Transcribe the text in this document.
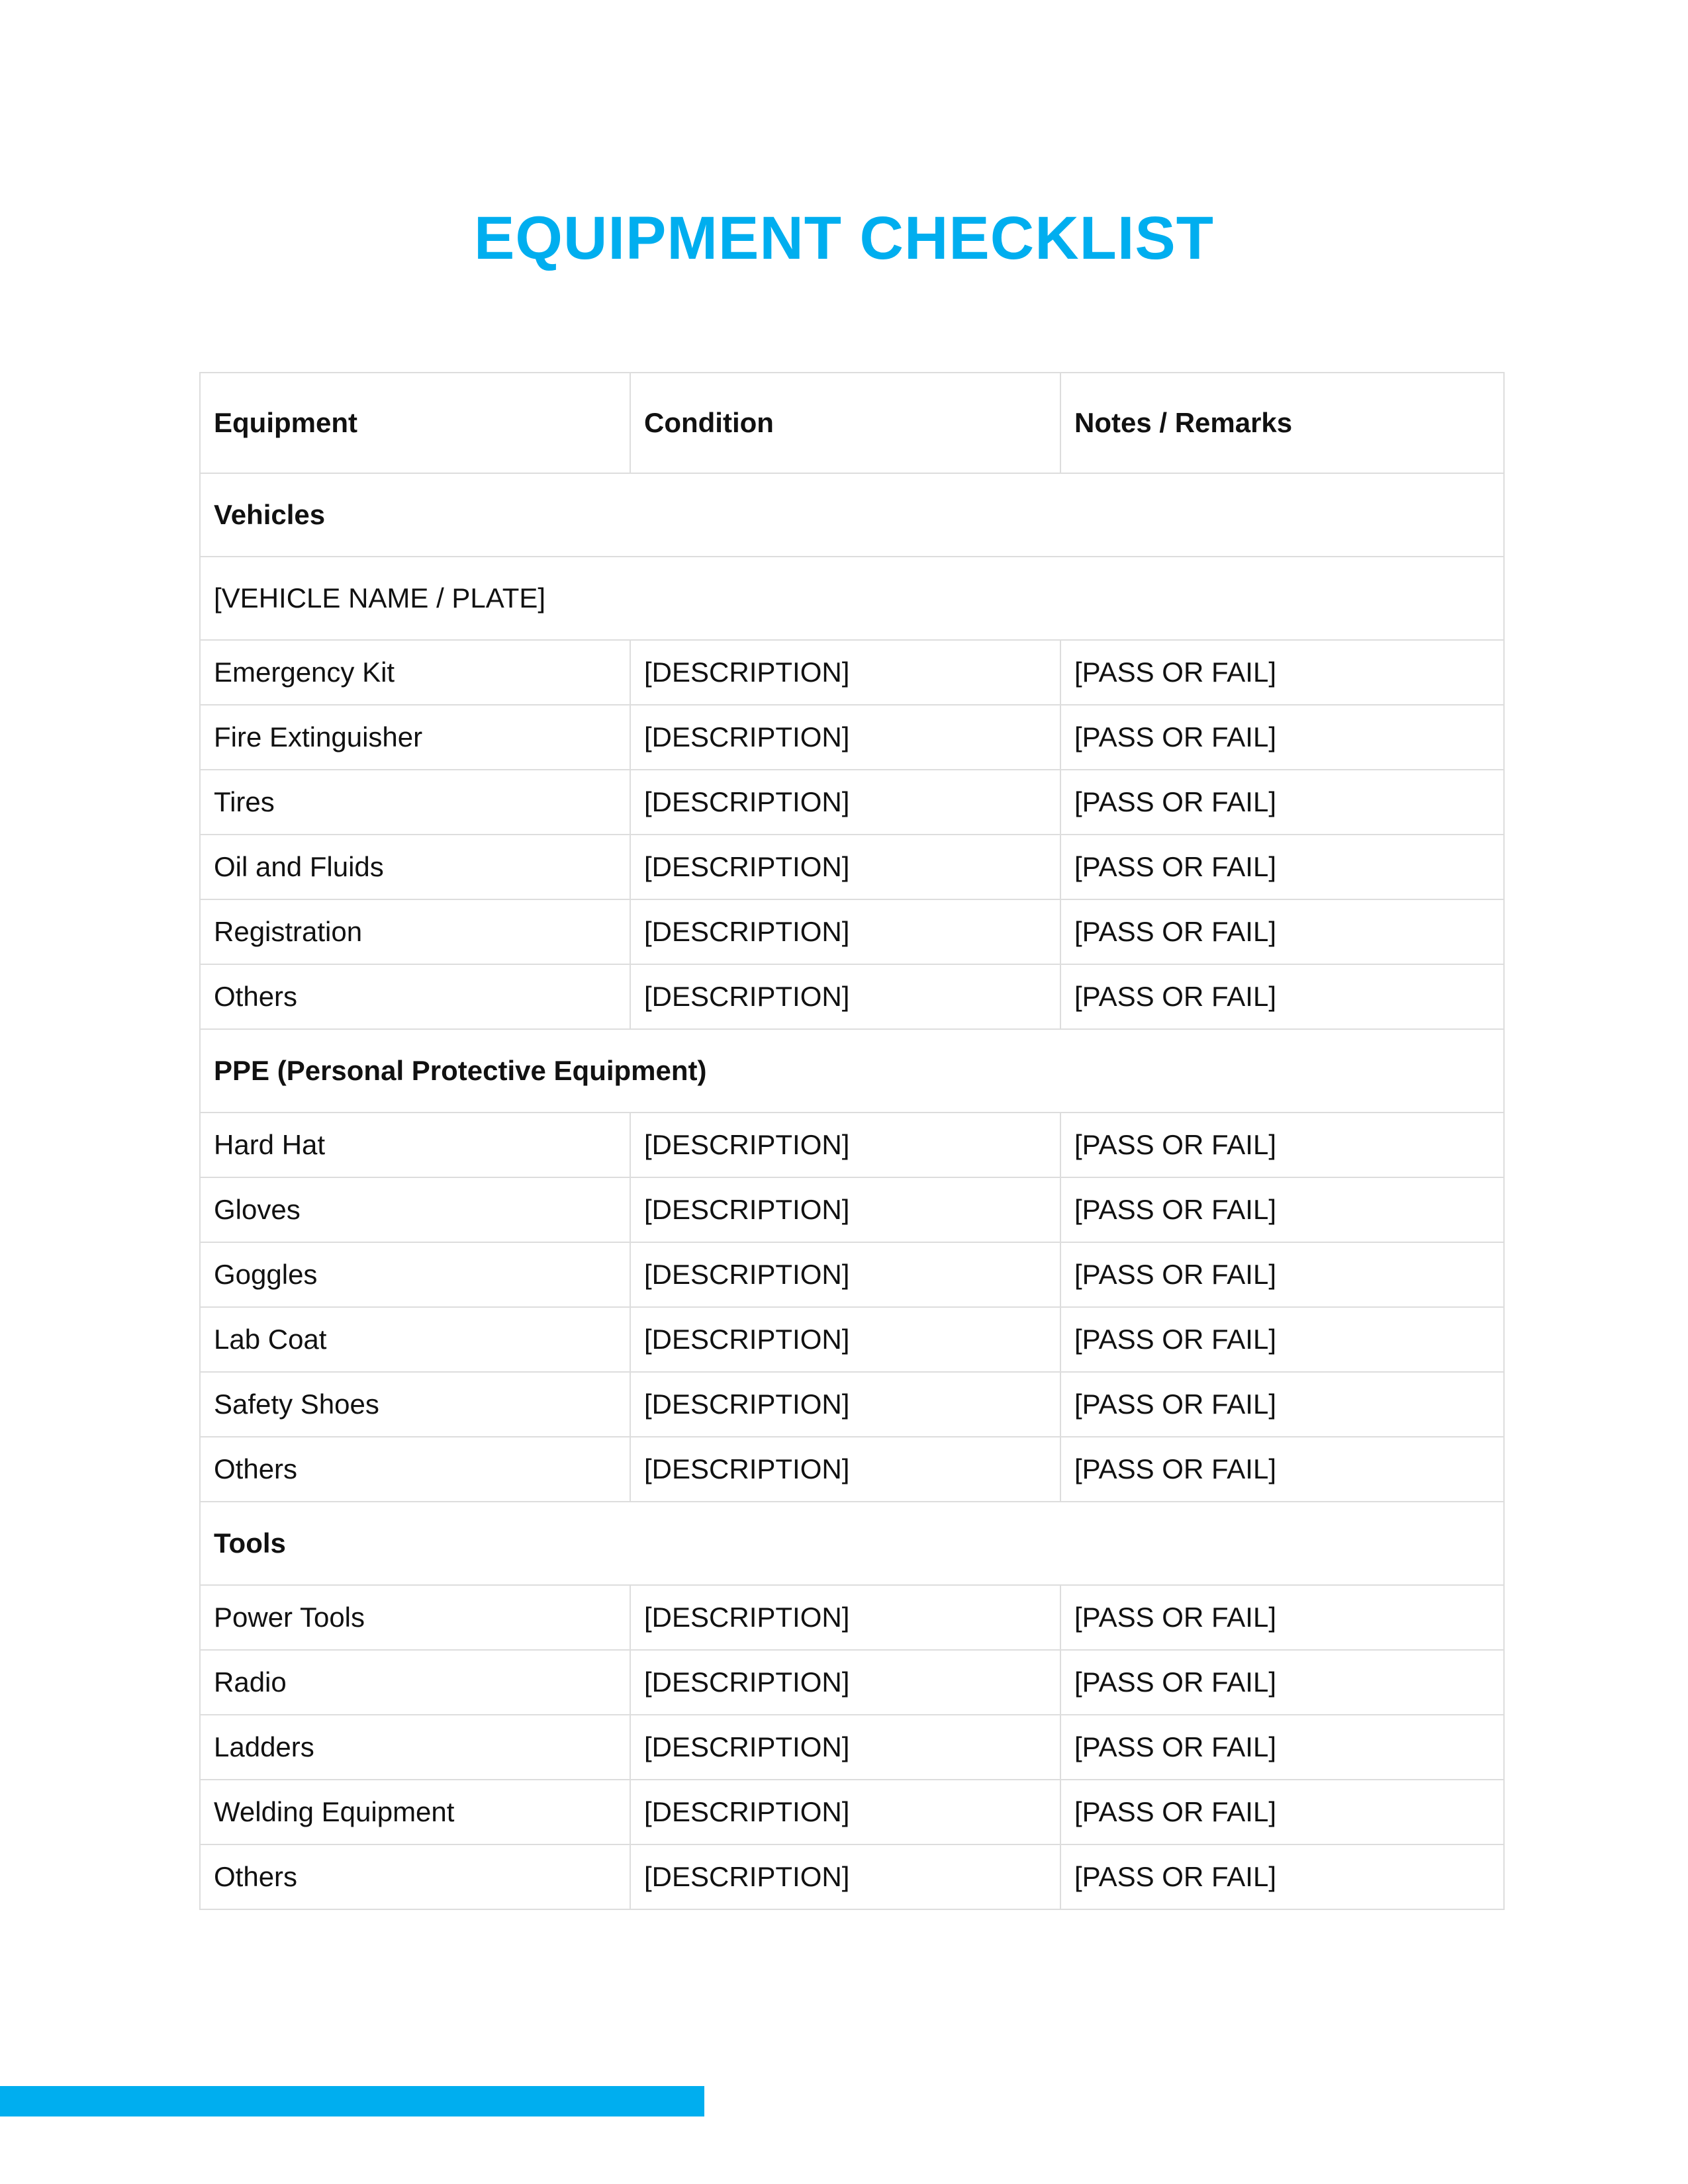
EQUIPMENT CHECKLIST
Equipment	Condition	Notes / Remarks
Vehicles		
[VEHICLE NAME / PLATE]		
Emergency Kit	[DESCRIPTION]	[PASS OR FAIL]
Fire Extinguisher	[DESCRIPTION]	[PASS OR FAIL]
Tires	[DESCRIPTION]	[PASS OR FAIL]
Oil and Fluids	[DESCRIPTION]	[PASS OR FAIL]
Registration	[DESCRIPTION]	[PASS OR FAIL]
Others	[DESCRIPTION]	[PASS OR FAIL]
PPE (Personal Protective Equipment)		
Hard Hat	[DESCRIPTION]	[PASS OR FAIL]
Gloves	[DESCRIPTION]	[PASS OR FAIL]
Goggles	[DESCRIPTION]	[PASS OR FAIL]
Lab Coat	[DESCRIPTION]	[PASS OR FAIL]
Safety Shoes	[DESCRIPTION]	[PASS OR FAIL]
Others	[DESCRIPTION]	[PASS OR FAIL]
Tools		
Power Tools	[DESCRIPTION]	[PASS OR FAIL]
Radio	[DESCRIPTION]	[PASS OR FAIL]
Ladders	[DESCRIPTION]	[PASS OR FAIL]
Welding Equipment	[DESCRIPTION]	[PASS OR FAIL]
Others	[DESCRIPTION]	[PASS OR FAIL]
